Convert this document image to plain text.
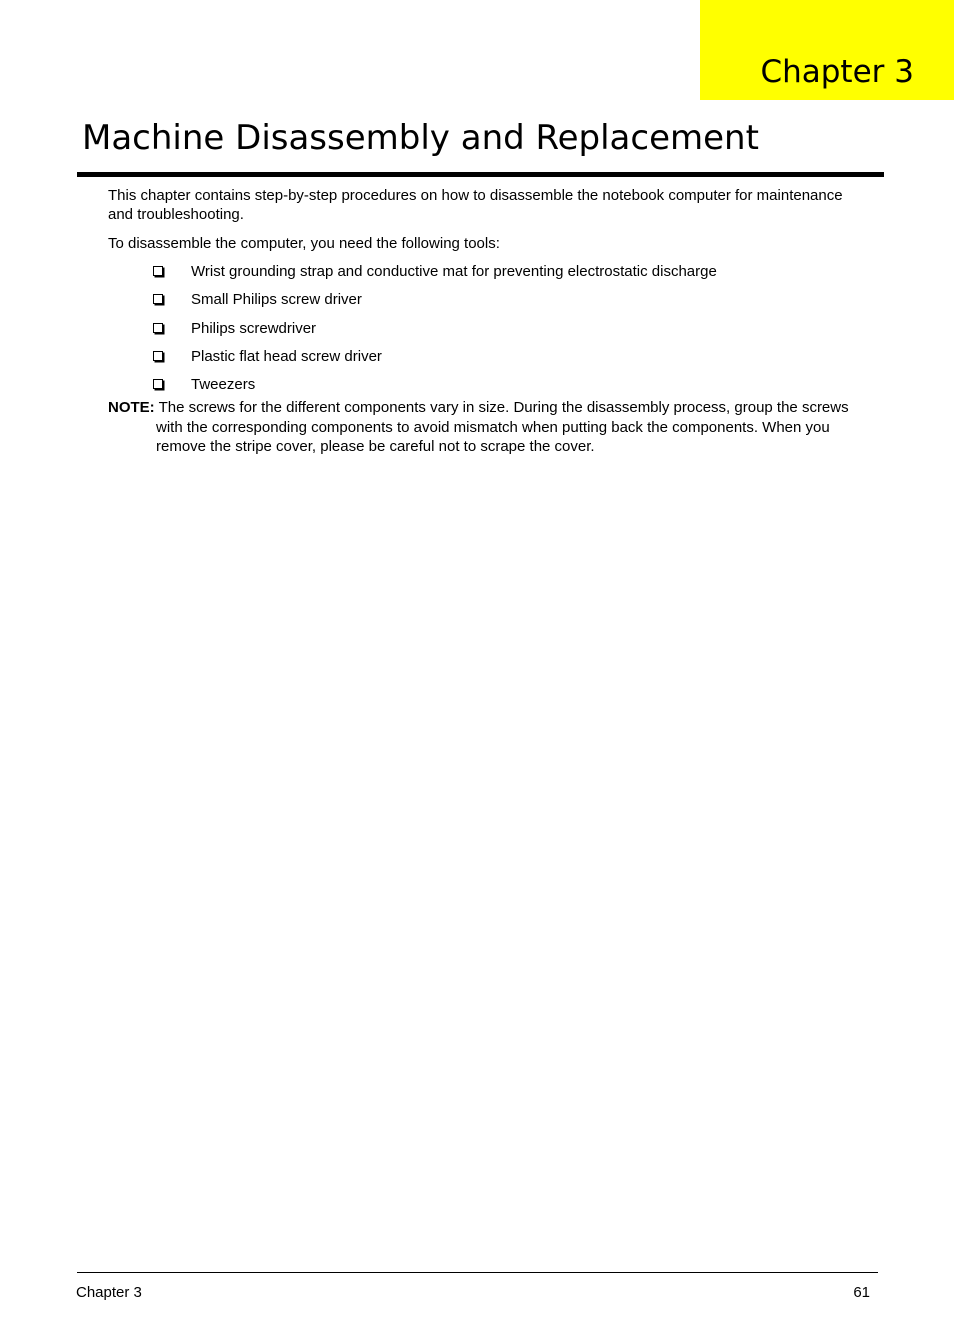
Chapter 3
Machine Disassembly and Replacement

This chapter contains step-by-step procedures on how to disassemble the notebook computer for maintenance and troubleshooting.

To disassemble the computer, you need the following tools:

Wrist grounding strap and conductive mat for preventing electrostatic discharge
Small Philips screw driver
Philips screwdriver
Plastic flat head screw driver
Tweezers

NOTE: The screws for the different components vary in size. During the disassembly process, group the screws with the corresponding components to avoid mismatch when putting back the components. When you remove the stripe cover, please be careful not to scrape the cover.

Chapter 3	61
